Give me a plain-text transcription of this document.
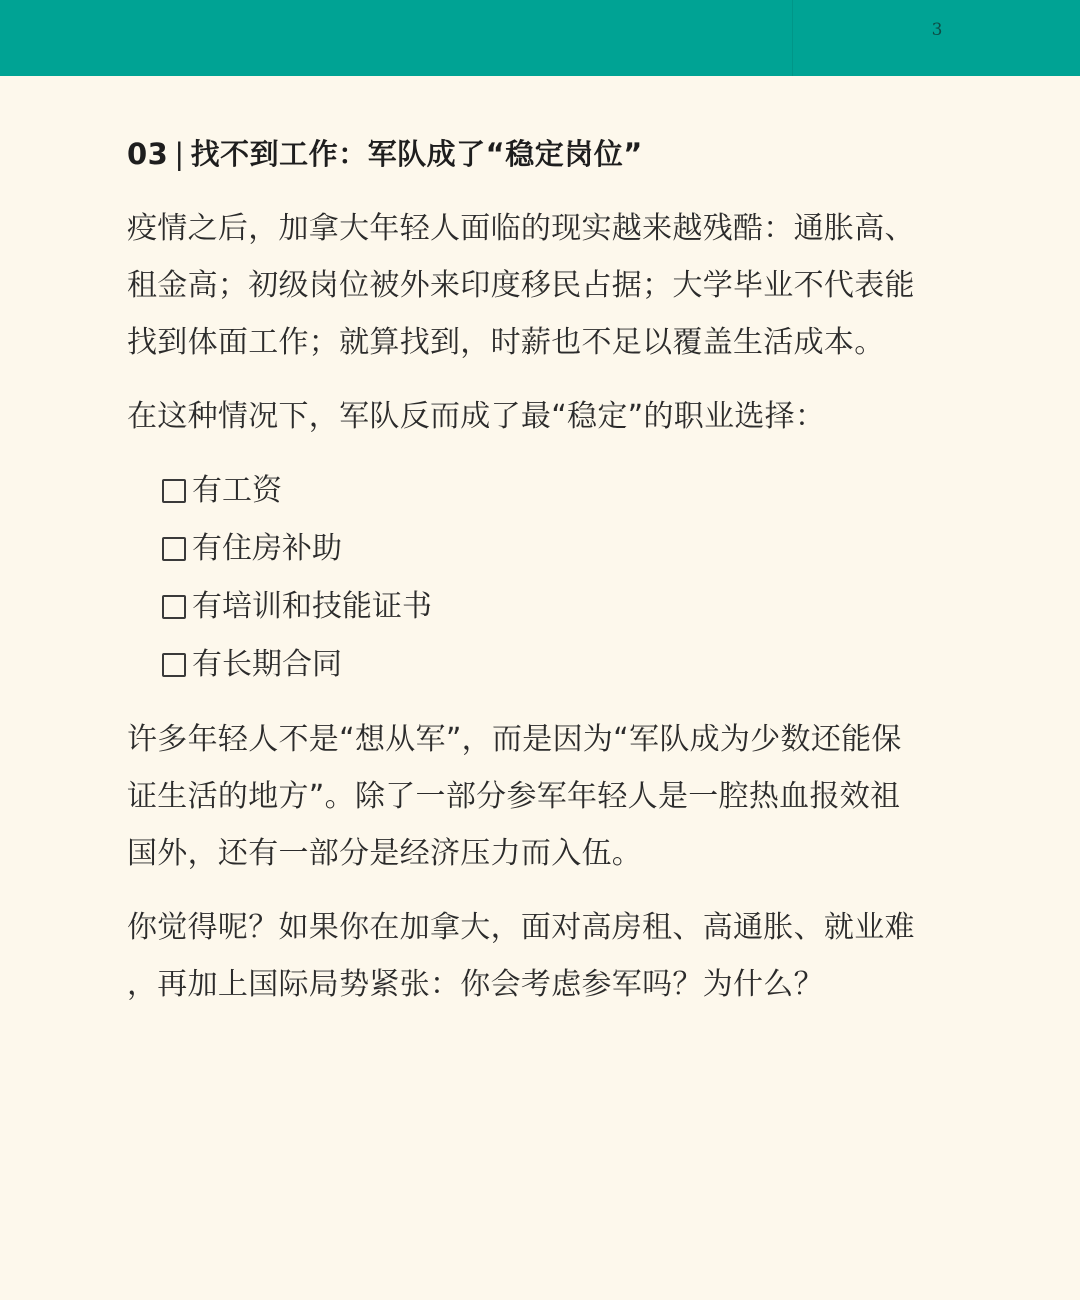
3
03 | 找不到工作：军队成了“稳定岗位”

疫情之后，加拿大年轻人面临的现实越来越残酷：通胀高、
租金高；初级岗位被外来印度移民占据；大学毕业不代表能
找到体面工作；就算找到，时薪也不足以覆盖生活成本。

在这种情况下，军队反而成了最“稳定”的职业选择：

有工资
有住房补助
有培训和技能证书
有长期合同

许多年轻人不是“想从军”，而是因为“军队成为少数还能保
证生活的地方”。除了一部分参军年轻人是一腔热血报效祖
国外，还有一部分是经济压力而入伍。

你觉得呢？如果你在加拿大，面对高房租、高通胀、就业难
，再加上国际局势紧张：你会考虑参军吗？为什么？
